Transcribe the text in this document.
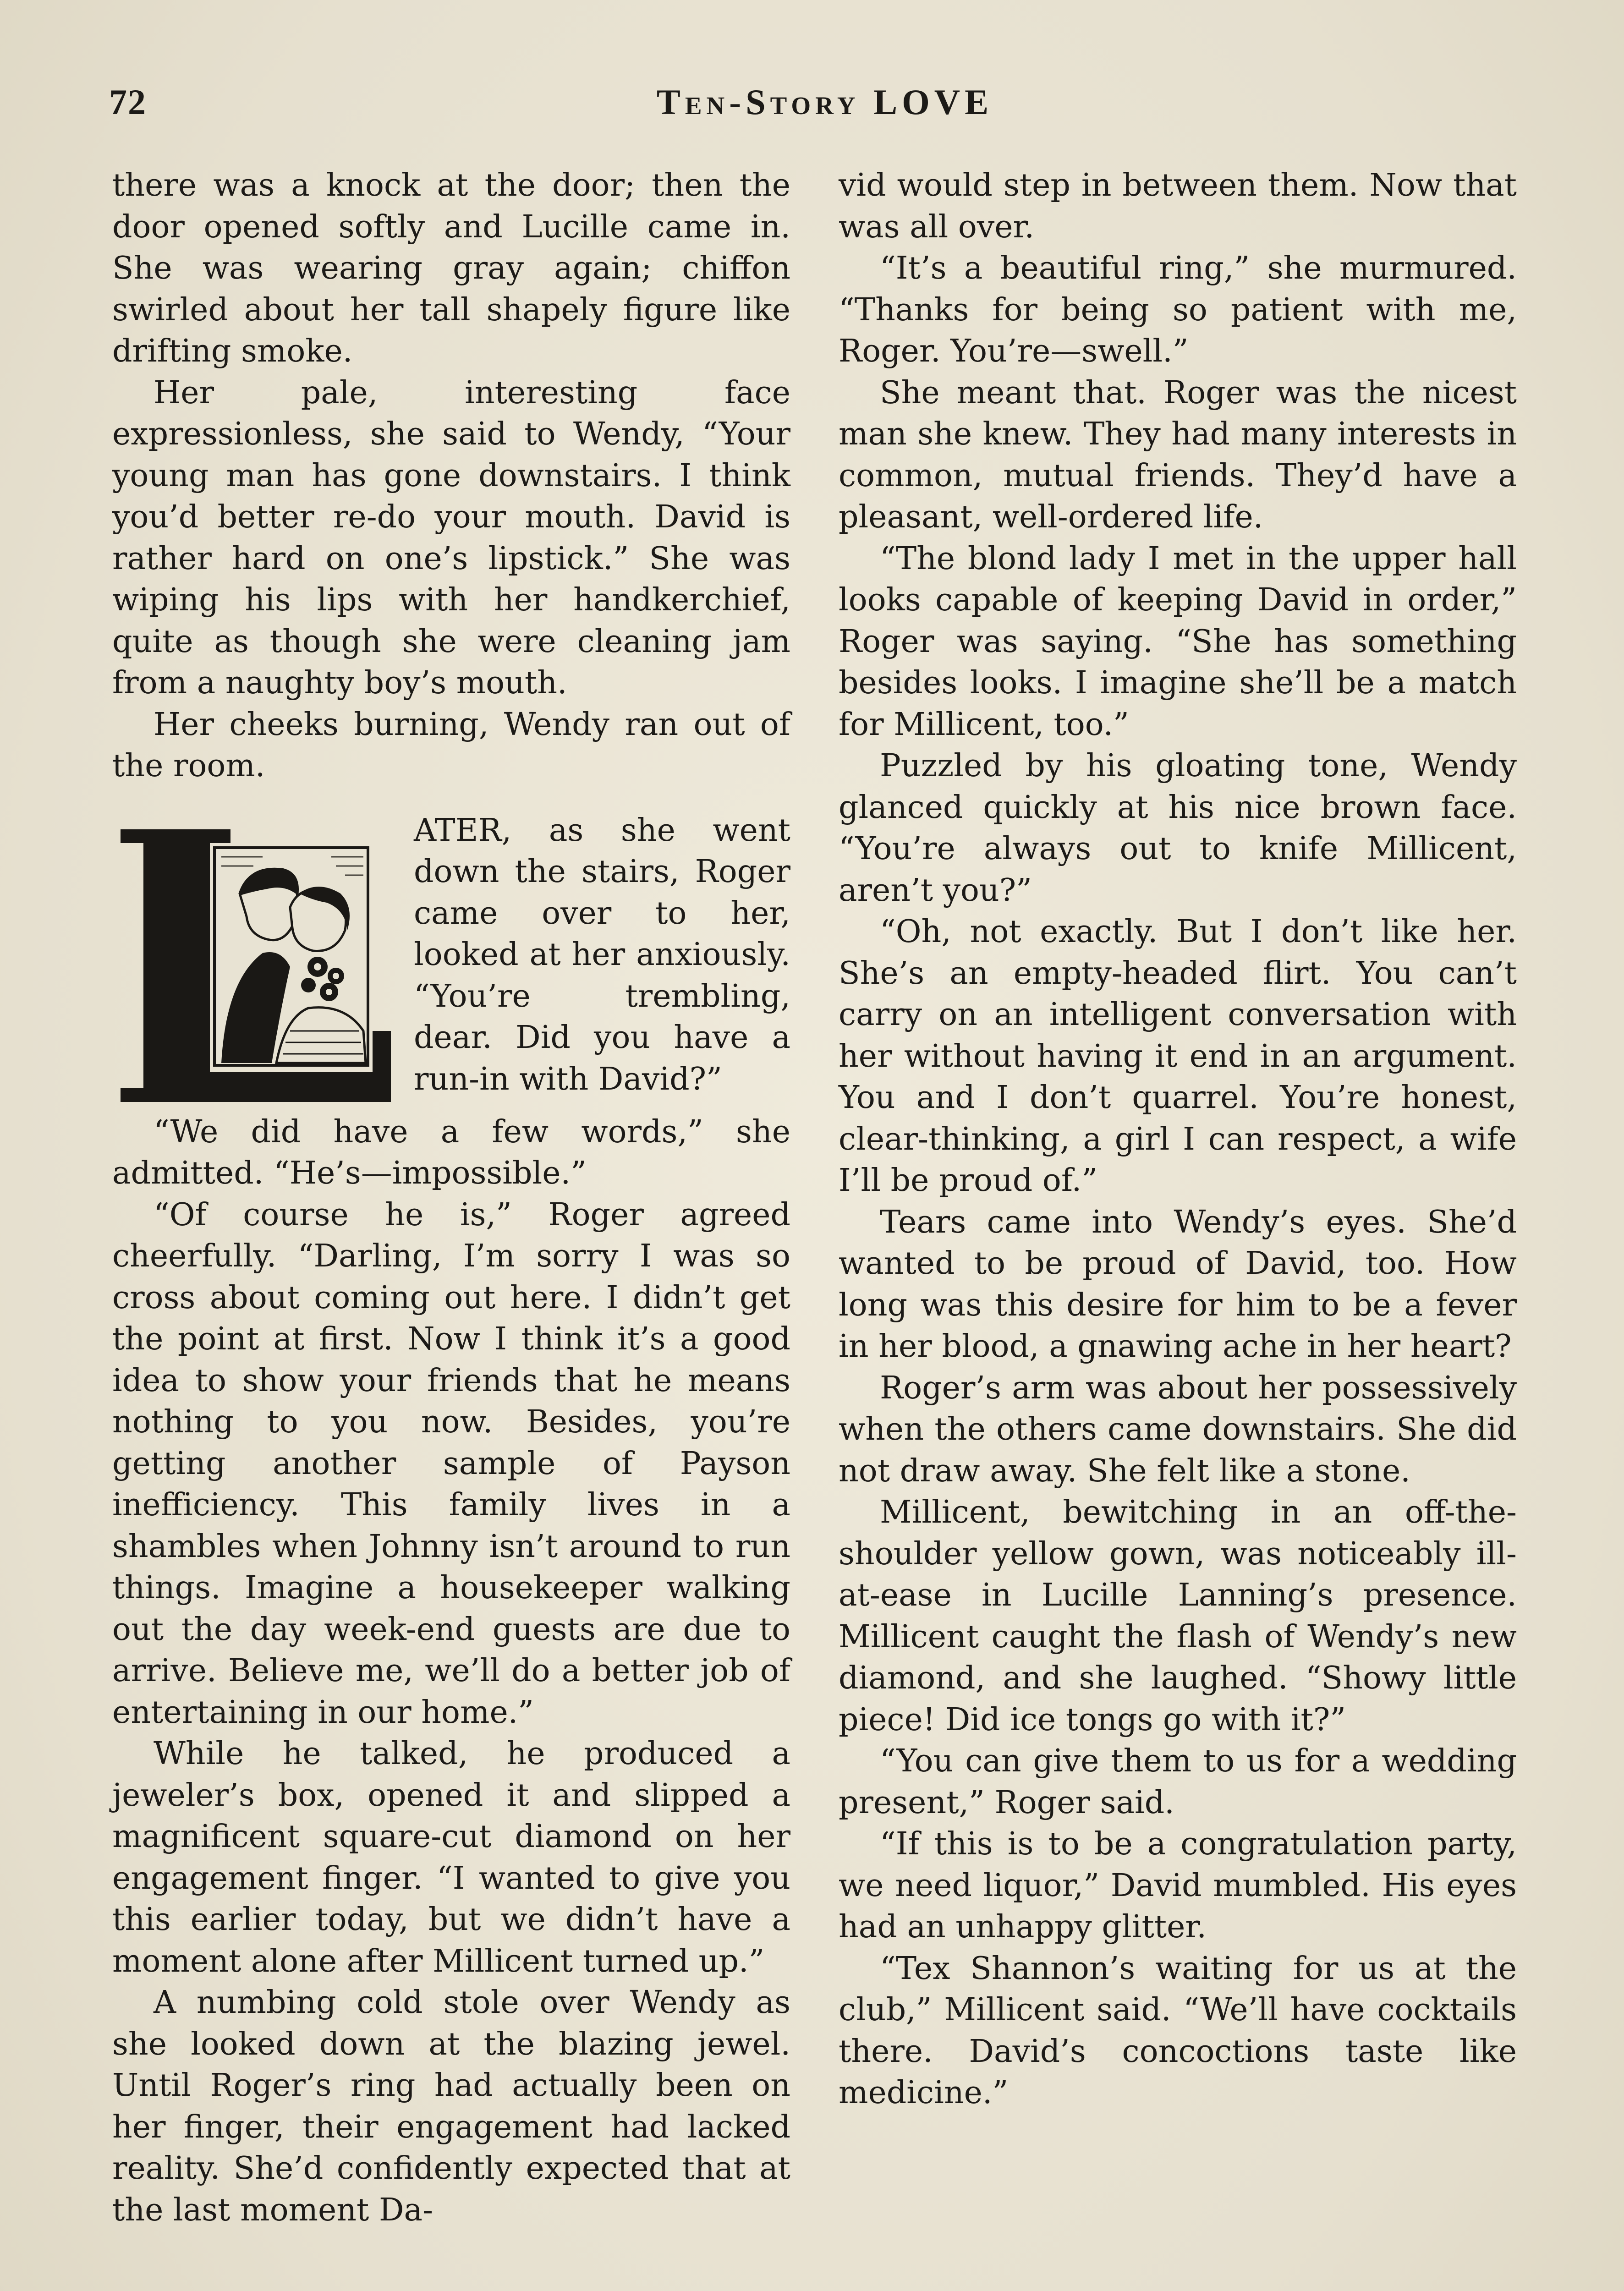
72	Ten-Story LOVE

there was a knock at the door; then the door opened softly and Lucille came in. She was wearing gray again; chiffon swirled about her tall shapely figure like drifting smoke.

Her pale, interesting face expressionless, she said to Wendy, “Your young man has gone downstairs. I think you’d better re-do your mouth. David is rather hard on one’s lipstick.” She was wiping his lips with her handkerchief, quite as though she were cleaning jam from a naughty boy’s mouth.

Her cheeks burning, Wendy ran out of the room.

ATER, as she went down the stairs, Roger came over to her, looked at her anxiously. “You’re trembling, dear. Did you have a run-in with David?”

“We did have a few words,” she admitted. “He’s—impossible.”

“Of course he is,” Roger agreed cheerfully. “Darling, I’m sorry I was so cross about coming out here. I didn’t get the point at first. Now I think it’s a good idea to show your friends that he means nothing to you now. Besides, you’re getting another sample of Payson inefficiency. This family lives in a shambles when Johnny isn’t around to run things. Imagine a housekeeper walking out the day week-end guests are due to arrive. Believe me, we’ll do a better job of entertaining in our home.”

While he talked, he produced a jeweler’s box, opened it and slipped a magnificent square-cut diamond on her engagement finger. “I wanted to give you this earlier today, but we didn’t have a moment alone after Millicent turned up.”

A numbing cold stole over Wendy as she looked down at the blazing jewel. Until Roger’s ring had actually been on her finger, their engagement had lacked reality. She’d confidently expected that at the last moment Da-

vid would step in between them. Now that was all over.

“It’s a beautiful ring,” she murmured. “Thanks for being so patient with me, Roger. You’re—swell.”

She meant that. Roger was the nicest man she knew. They had many interests in common, mutual friends. They’d have a pleasant, well-ordered life.

“The blond lady I met in the upper hall looks capable of keeping David in order,” Roger was saying. “She has something besides looks. I imagine she’ll be a match for Millicent, too.”

Puzzled by his gloating tone, Wendy glanced quickly at his nice brown face. “You’re always out to knife Millicent, aren’t you?”

“Oh, not exactly. But I don’t like her. She’s an empty-headed flirt. You can’t carry on an intelligent conversation with her without having it end in an argument. You and I don’t quarrel. You’re honest, clear-thinking, a girl I can respect, a wife I’ll be proud of.”

Tears came into Wendy’s eyes. She’d wanted to be proud of David, too. How long was this desire for him to be a fever in her blood, a gnawing ache in her heart?

Roger’s arm was about her possessively when the others came downstairs. She did not draw away. She felt like a stone.

Millicent, bewitching in an off-the-shoulder yellow gown, was noticeably ill-at-ease in Lucille Lanning’s presence. Millicent caught the flash of Wendy’s new diamond, and she laughed. “Showy little piece! Did ice tongs go with it?”

“You can give them to us for a wedding present,” Roger said.

“If this is to be a congratulation party, we need liquor,” David mumbled. His eyes had an unhappy glitter.

“Tex Shannon’s waiting for us at the club,” Millicent said. “We’ll have cocktails there. David’s concoctions taste like medicine.”
